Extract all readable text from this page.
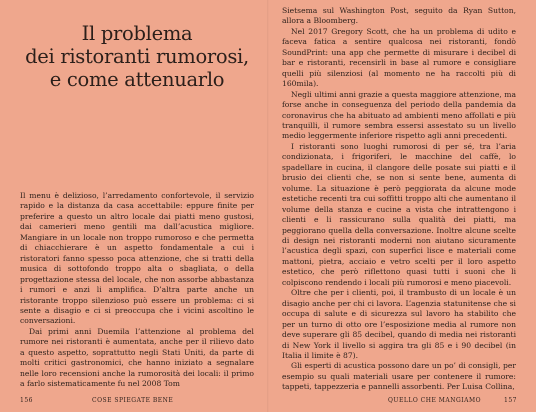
Il problema
dei ristoranti rumorosi,
e come attenuarlo

Il menu è delizioso, l’arredamento confortevole, il servizio rapido e la distanza da casa accettabile: eppure finite per preferire a questo un altro locale dai piatti meno gustosi, dai camerieri meno gentili ma dall’acustica migliore. Mangiare in un locale non troppo rumoroso e che permetta di chiacchierare è un aspetto fondamentale a cui i ristoratori fanno spesso poca attenzione, che si tratti della musica di sottofondo troppo alta o sbagliata, o della progettazione stessa del locale, che non assorbe abbastanza i rumori e anzi li amplifica. D’altra parte anche un ristorante troppo silenzioso può essere un problema: ci si sente a disagio e ci si preoccupa che i vicini ascoltino le conversazioni.

Dai primi anni Duemila l’attenzione al problema del rumore nei ristoranti è aumentata, anche per il rilievo dato a questo aspetto, soprattutto negli Stati Uniti, da parte di molti critici gastronomici, che hanno iniziato a segnalare nelle loro recensioni anche la rumorosità dei locali: il primo a farlo sistematicamente fu nel 2008 Tom

Sietsema sul Washington Post, seguito da Ryan Sutton, allora a Bloomberg.

Nel 2017 Gregory Scott, che ha un problema di udito e faceva fatica a sentire qualcosa nei ristoranti, fondò SoundPrint: una app che permette di misurare i decibel di bar e ristoranti, recensirli in base al rumore e consigliare quelli più silenziosi (al momento ne ha raccolti più di 160mila).

Negli ultimi anni grazie a questa maggiore attenzione, ma forse anche in conseguenza del periodo della pandemia da coronavirus che ha abituato ad ambienti meno affollati e più tranquilli, il rumore sembra essersi assestato su un livello medio leggermente inferiore rispetto agli anni precedenti.

I ristoranti sono luoghi rumorosi di per sé, tra l’aria condizionata, i frigoriferi, le macchine del caffè, lo spadellare in cucina, il clangore delle posate sui piatti e il brusio dei clienti che, se non si sente bene, aumenta di volume. La situazione è però peggiorata da alcune mode estetiche recenti tra cui soffitti troppo alti che aumentano il volume della stanza e cucine a vista che intrattengono i clienti e li rassicurano sulla qualità dei piatti, ma peggiorano quella della conversazione. Inoltre alcune scelte di design nei ristoranti moderni non aiutano sicuramente l’acustica degli spazi, con superfici lisce e materiali come mattoni, pietra, acciaio e vetro scelti per il loro aspetto estetico, che però riflettono quasi tutti i suoni che li colpiscono rendendo i locali più rumorosi e meno piacevoli.

Oltre che per i clienti, poi, il trambusto di un locale è un disagio anche per chi ci lavora. L’agenzia statunitense che si occupa di salute e di sicurezza sul lavoro ha stabilito che per un turno di otto ore l’esposizione media al rumore non deve superare gli 85 decibel, quando di media nei ristoranti di New York il livello si aggira tra gli 85 e i 90 decibel (in Italia il limite è 87).

Gli esperti di acustica possono dare un po’ di consigli, per esempio su quali materiali usare per contenere il rumore: tappeti, tappezzeria e pannelli assorbenti. Per Luisa Collina,

156	COSE SPIEGATE BENE	QUELLO CHE MANGIAMO	157
